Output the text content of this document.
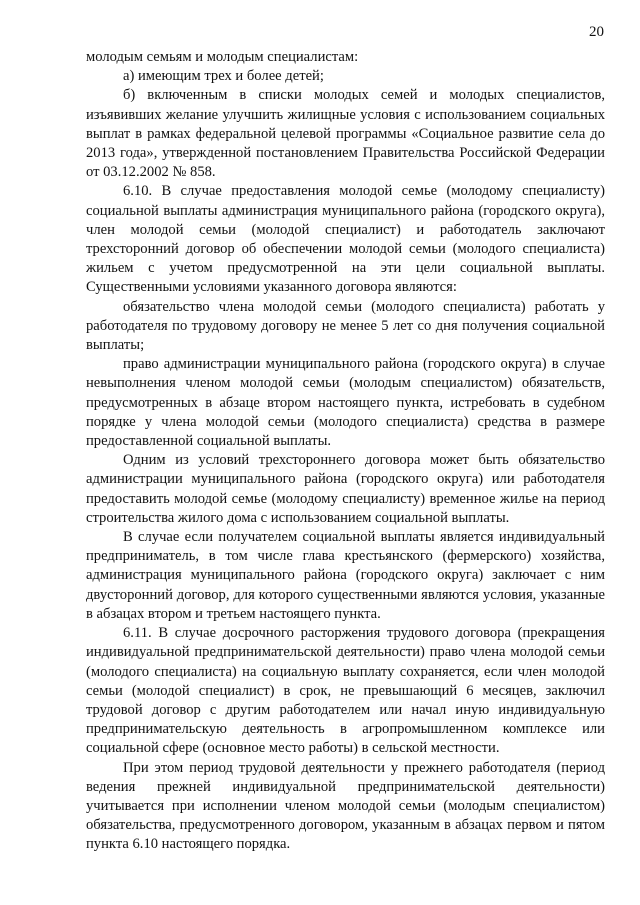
20

молодым семьям и молодым специалистам:

а) имеющим трех и более детей;

б) включенным в списки молодых семей и молодых специалистов, изъявивших желание улучшить жилищные условия с использованием социальных выплат в рамках федеральной целевой программы «Социальное развитие села до 2013 года», утвержденной постановлением Правительства Российской Федерации от 03.12.2002 № 858.

6.10. В случае предоставления молодой семье (молодому специалисту) социальной выплаты администрация муниципального района (городского округа), член молодой семьи (молодой специалист) и работодатель заключают трехсторонний договор об обеспечении молодой семьи (молодого специалиста) жильем с учетом предусмотренной на эти цели социальной выплаты. Существенными условиями указанного договора являются:

обязательство члена молодой семьи (молодого специалиста) работать у работодателя по трудовому договору не менее 5 лет со дня получения социальной выплаты;

право администрации муниципального района (городского округа) в случае невыполнения членом молодой семьи (молодым специалистом) обязательств, предусмотренных в абзаце втором настоящего пункта, истребовать в судебном порядке у члена молодой семьи (молодого специалиста) средства в размере предоставленной социальной выплаты.

Одним из условий трехстороннего договора может быть обязательство администрации муниципального района (городского округа) или работодателя предоставить молодой семье (молодому специалисту) временное жилье на период строительства жилого дома с использованием социальной выплаты.

В случае если получателем социальной выплаты является индивидуальный предприниматель, в том числе глава крестьянского (фермерского) хозяйства, администрация муниципального района (городского округа) заключает с ним двусторонний договор, для которого существенными являются условия, указанные в абзацах втором и третьем настоящего пункта.

6.11. В случае досрочного расторжения трудового договора (прекращения индивидуальной предпринимательской деятельности) право члена молодой семьи (молодого специалиста) на социальную выплату сохраняется, если член молодой семьи (молодой специалист) в срок, не превышающий 6 месяцев, заключил трудовой договор с другим работодателем или начал иную индивидуальную предпринимательскую деятельность в агропромышленном комплексе или социальной сфере (основное место работы) в сельской местности.

При этом период трудовой деятельности у прежнего работодателя (период ведения прежней индивидуальной предпринимательской деятельности) учитывается при исполнении членом молодой семьи (молодым специалистом) обязательства, предусмотренного договором, указанным в абзацах первом и пятом пункта 6.10 настоящего порядка.
